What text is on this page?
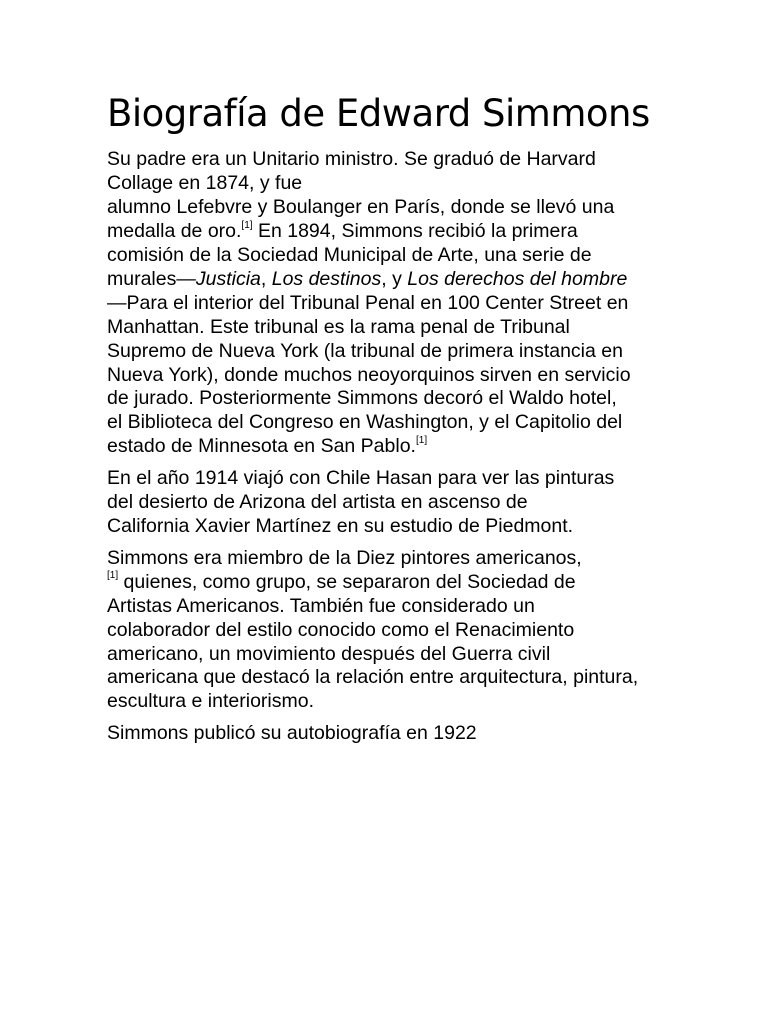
Biografía de Edward Simmons

Su padre era un Unitario ministro. Se graduó de Harvard
Collage en 1874, y fue
alumno Lefebvre y Boulanger en París, donde se llevó una
medalla de oro.[1] En 1894, Simmons recibió la primera
comisión de la Sociedad Municipal de Arte, una serie de
murales—Justicia, Los destinos, y Los derechos del hombre
—Para el interior del Tribunal Penal en 100 Center Street en
Manhattan. Este tribunal es la rama penal de Tribunal
Supremo de Nueva York (la tribunal de primera instancia en
Nueva York), donde muchos neoyorquinos sirven en servicio
de jurado. Posteriormente Simmons decoró el Waldo hotel,
el Biblioteca del Congreso en Washington, y el Capitolio del
estado de Minnesota en San Pablo.[1]

En el año 1914 viajó con Chile Hasan para ver las pinturas
del desierto de Arizona del artista en ascenso de
California Xavier Martínez en su estudio de Piedmont.

Simmons era miembro de la Diez pintores americanos,
[1] quienes, como grupo, se separaron del Sociedad de
Artistas Americanos. También fue considerado un
colaborador del estilo conocido como el Renacimiento
americano, un movimiento después del Guerra civil
americana que destacó la relación entre arquitectura, pintura,
escultura e interiorismo.

Simmons publicó su autobiografía en 1922
